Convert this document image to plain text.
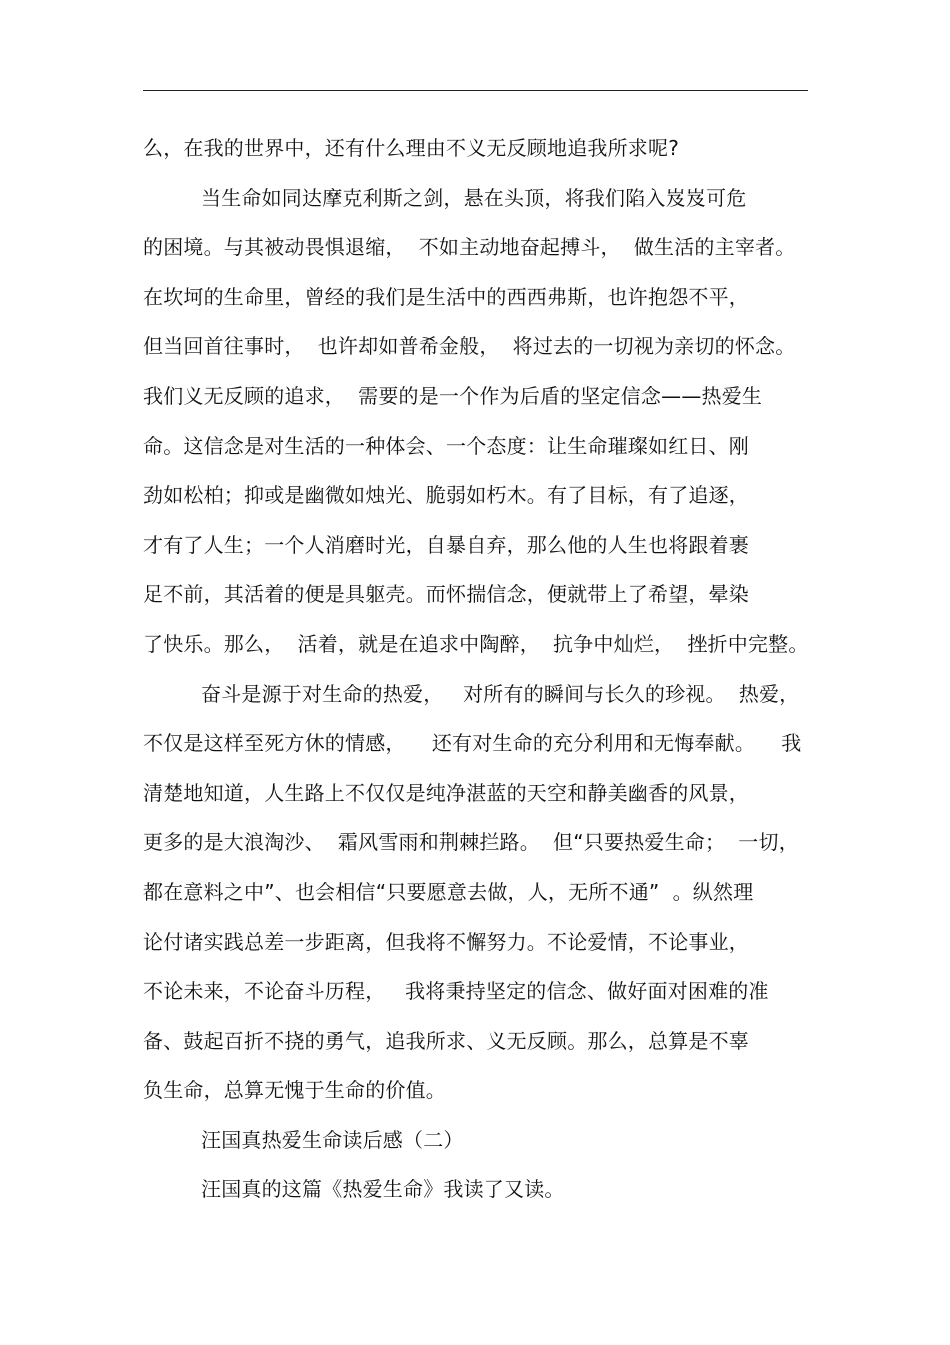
么，在我的世界中，还有什么理由不义无反顾地追我所求呢?
当生命如同达摩克利斯之剑，悬在头顶，将我们陷入岌岌可危
的困境。与其被动畏惧退缩，  不如主动地奋起搏斗，  做生活的主宰者。
在坎坷的生命里，曾经的我们是生活中的西西弗斯，也许抱怨不平，
但当回首往事时，  也许却如普希金般，  将过去的一切视为亲切的怀念。
我们义无反顾的追求，  需要的是一个作为后盾的坚定信念——热爱生
命。这信念是对生活的一种体会、一个态度：让生命璀璨如红日、刚
劲如松柏；抑或是幽微如烛光、脆弱如朽木。有了目标，有了追逐，
才有了人生；一个人消磨时光，自暴自弃，那么他的人生也将跟着裹
足不前，其活着的便是具躯壳。而怀揣信念，便就带上了希望，晕染
了快乐。那么，  活着，就是在追求中陶醉，  抗争中灿烂，  挫折中完整。
奋斗是源于对生命的热爱，   对所有的瞬间与长久的珍视。  热爱，
不仅是这样至死方休的情感，    还有对生命的充分利用和无悔奉献。    我
清楚地知道，人生路上不仅仅是纯净湛蓝的天空和静美幽香的风景，
更多的是大浪淘沙、  霜风雪雨和荆棘拦路。  但“只要热爱生命；  一切，
都在意料之中”、也会相信“只要愿意去做，人，无所不通”  。纵然理
论付诸实践总差一步距离，但我将不懈努力。不论爱情，不论事业，
不论未来，不论奋斗历程，   我将秉持坚定的信念、做好面对困难的准
备、鼓起百折不挠的勇气，追我所求、义无反顾。那么，总算是不辜
负生命，总算无愧于生命的价值。
汪国真热爱生命读后感（二）
汪国真的这篇《热爱生命》我读了又读。
